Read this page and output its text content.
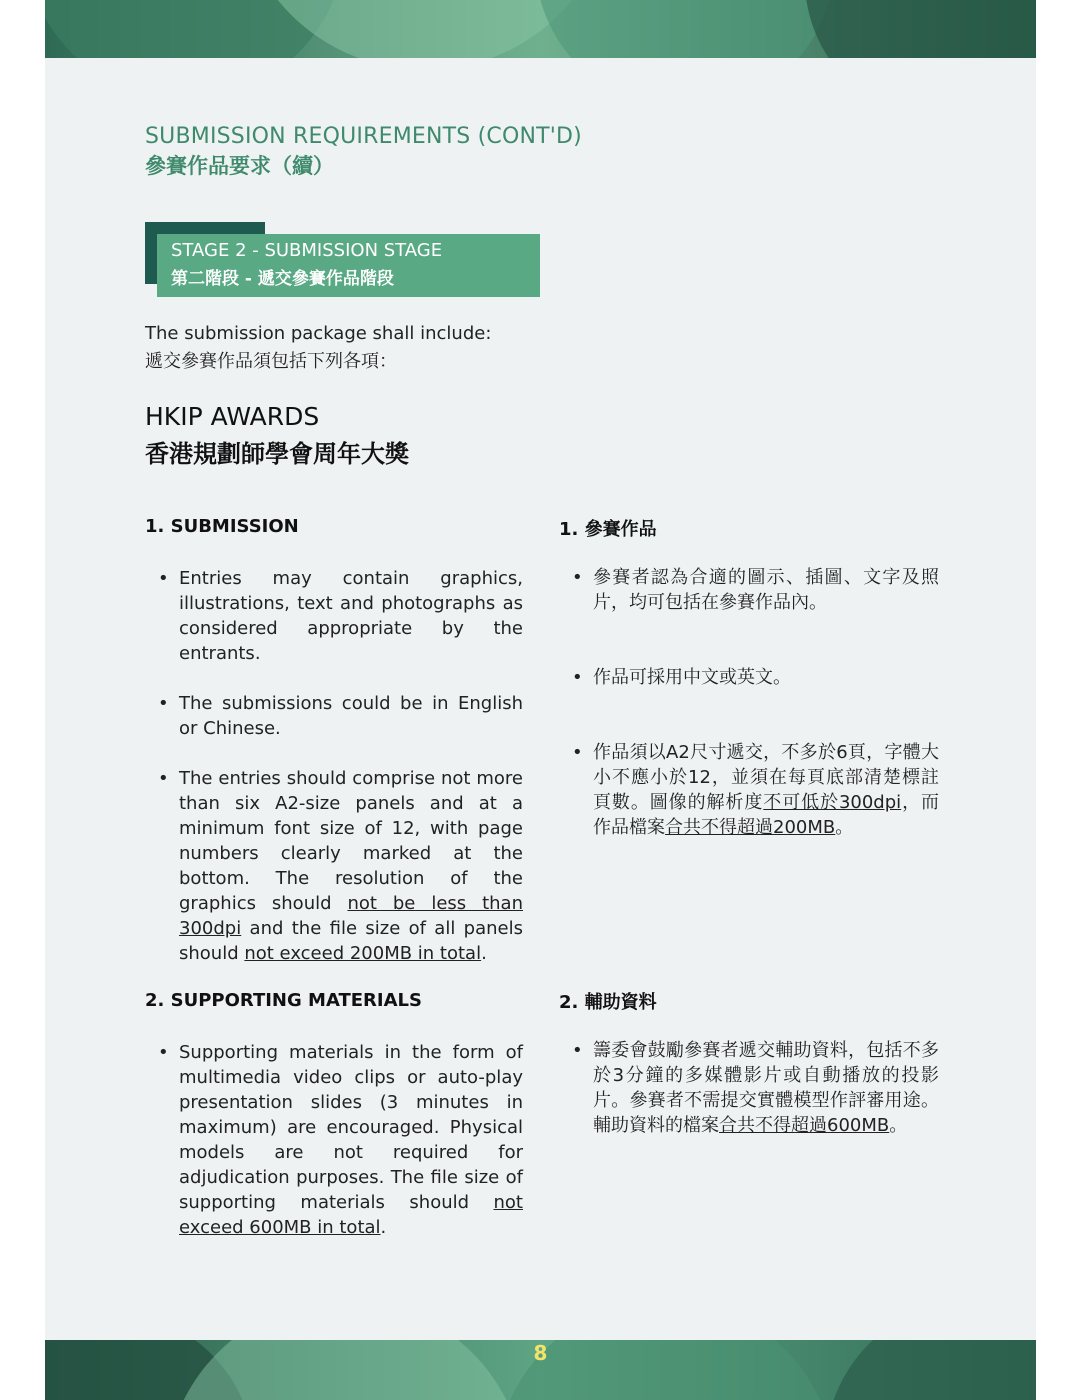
SUBMISSION REQUIREMENTS (CONT'D)
參賽作品要求（續）
STAGE 2 - SUBMISSION STAGE
第二階段 - 遞交參賽作品階段
The submission package shall include:
遞交參賽作品須包括下列各項：
HKIP AWARDS
香港規劃師學會周年大獎
1. SUBMISSION
• Entries may contain graphics, illustrations, text and photographs as considered appropriate by the entrants.
• The submissions could be in English or Chinese.
• The entries should comprise not more than six A2-size panels and at a minimum font size of 12, with page numbers clearly marked at the bottom. The resolution of the graphics should not be less than 300dpi and the file size of all panels should not exceed 200MB in total.
2. SUPPORTING MATERIALS
• Supporting materials in the form of multimedia video clips or auto-play presentation slides (3 minutes in maximum) are encouraged. Physical models are not required for adjudication purposes. The file size of supporting materials should not exceed 600MB in total.
1. 參賽作品
• 參賽者認為合適的圖示、插圖、文字及照片，均可包括在參賽作品內。
• 作品可採用中文或英文。
• 作品須以A2尺寸遞交，不多於6頁，字體大小不應小於12，並須在每頁底部清楚標註頁數。圖像的解析度不可低於300dpi，而作品檔案合共不得超過200MB。
2. 輔助資料
• 籌委會鼓勵參賽者遞交輔助資料，包括不多於3分鐘的多媒體影片或自動播放的投影片。參賽者不需提交實體模型作評審用途。輔助資料的檔案合共不得超過600MB。
8
